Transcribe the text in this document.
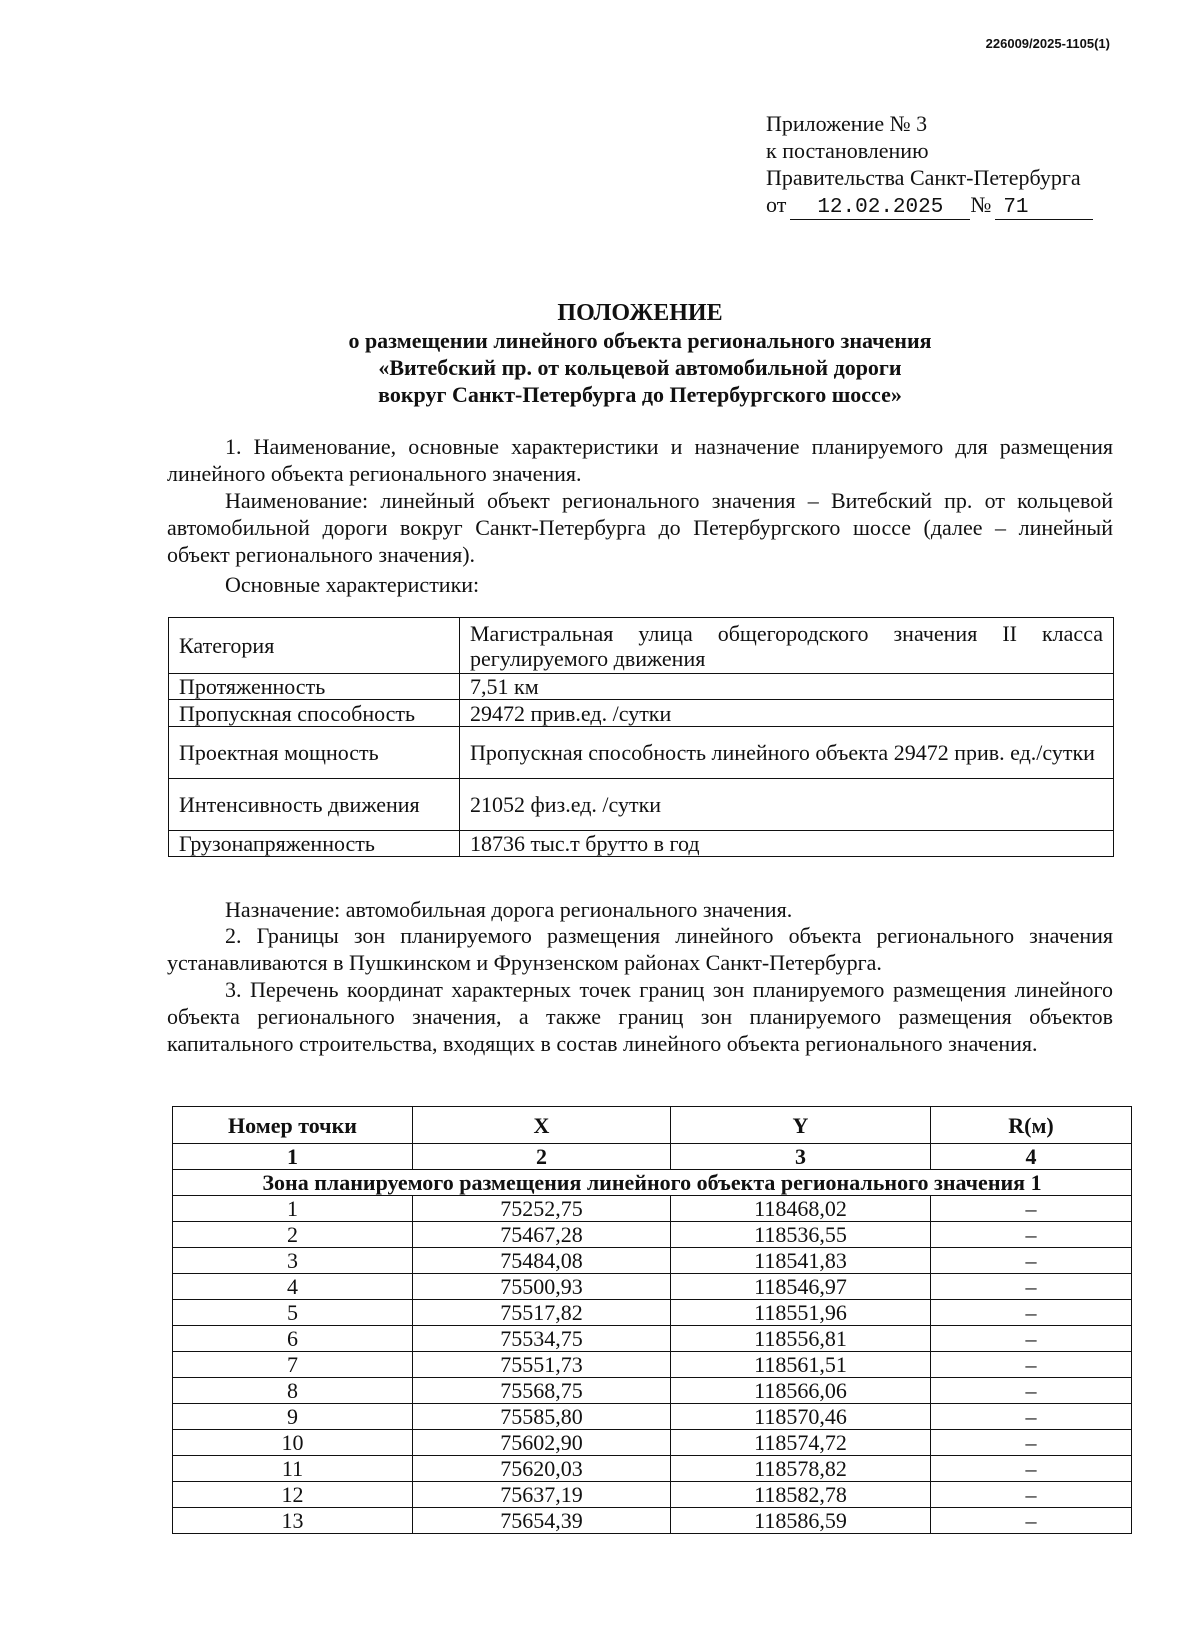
226009/2025-1105(1)
Приложение № 3
к постановлению
Правительства Санкт-Петербурга
от 12.02.2025 № 71
ПОЛОЖЕНИЕ
о размещении линейного объекта регионального значения
«Витебский пр. от кольцевой автомобильной дороги
вокруг Санкт-Петербурга до Петербургского шоссе»
1. Наименование, основные характеристики и назначение планируемого для размещения линейного объекта регионального значения.
Наименование: линейный объект регионального значения – Витебский пр. от кольцевой автомобильной дороги вокруг Санкт-Петербурга до Петербургского шоссе (далее – линейный объект регионального значения).
Основные характеристики:
Категория	Магистральная улица общегородского значения II класса регулируемого движения
Протяженность	7,51 км
Пропускная способность	29472 прив.ед. /сутки
Проектная мощность	Пропускная способность линейного объекта 29472 прив. ед./сутки
Интенсивность движения	21052 физ.ед. /сутки
Грузонапряженность	18736 тыс.т брутто в год
Назначение: автомобильная дорога регионального значения.
2. Границы зон планируемого размещения линейного объекта регионального значения устанавливаются в Пушкинском и Фрунзенском районах Санкт-Петербурга.
3. Перечень координат характерных точек границ зон планируемого размещения линейного объекта регионального значения, а также границ зон планируемого размещения объектов капитального строительства, входящих в состав линейного объекта регионального значения.
Номер точки	X	Y	R(м)
1	2	3	4
Зона планируемого размещения линейного объекта регионального значения 1			
1	75252,75	118468,02	–
2	75467,28	118536,55	–
3	75484,08	118541,83	–
4	75500,93	118546,97	–
5	75517,82	118551,96	–
6	75534,75	118556,81	–
7	75551,73	118561,51	–
8	75568,75	118566,06	–
9	75585,80	118570,46	–
10	75602,90	118574,72	–
11	75620,03	118578,82	–
12	75637,19	118582,78	–
13	75654,39	118586,59	–
